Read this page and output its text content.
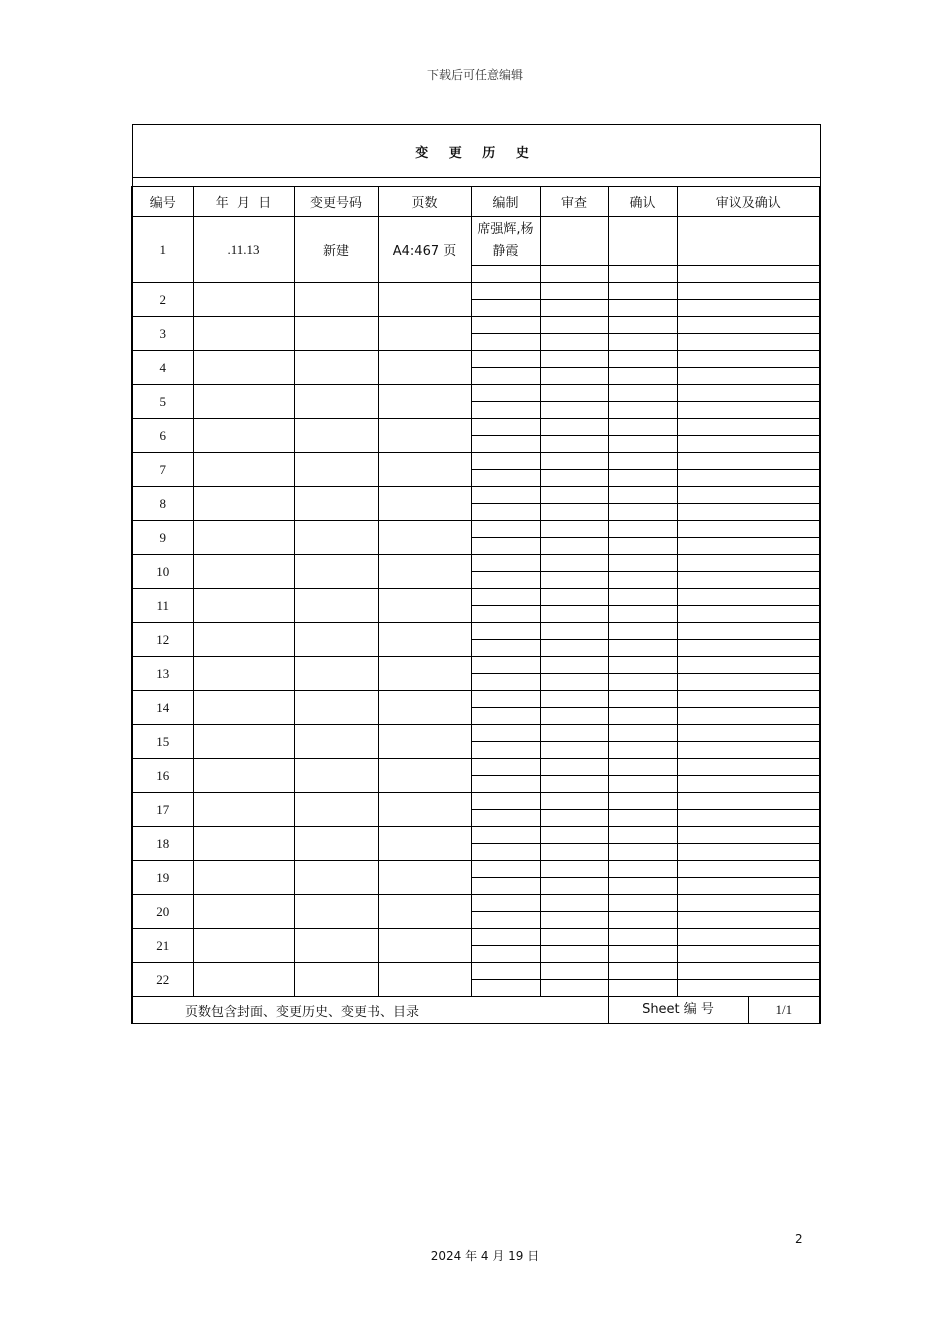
下载后可任意编辑
变 更 历 史							

编号	年  月  日	变更号码	页数	编制	审查	确认	审议及确认
1	.11.13	新建	A4:467 页	席强辉,杨静霞			

2							

3							

4							

5							

6							

7							

8							

9							

10							

11							

12							

13							

14							

15							

16							

17							

18							

19							

20							

21							

22							

页数包含封面、变更历史、变更书、目录						Sheet 编 号 1/1	
2
2024 年 4 月 19 日
